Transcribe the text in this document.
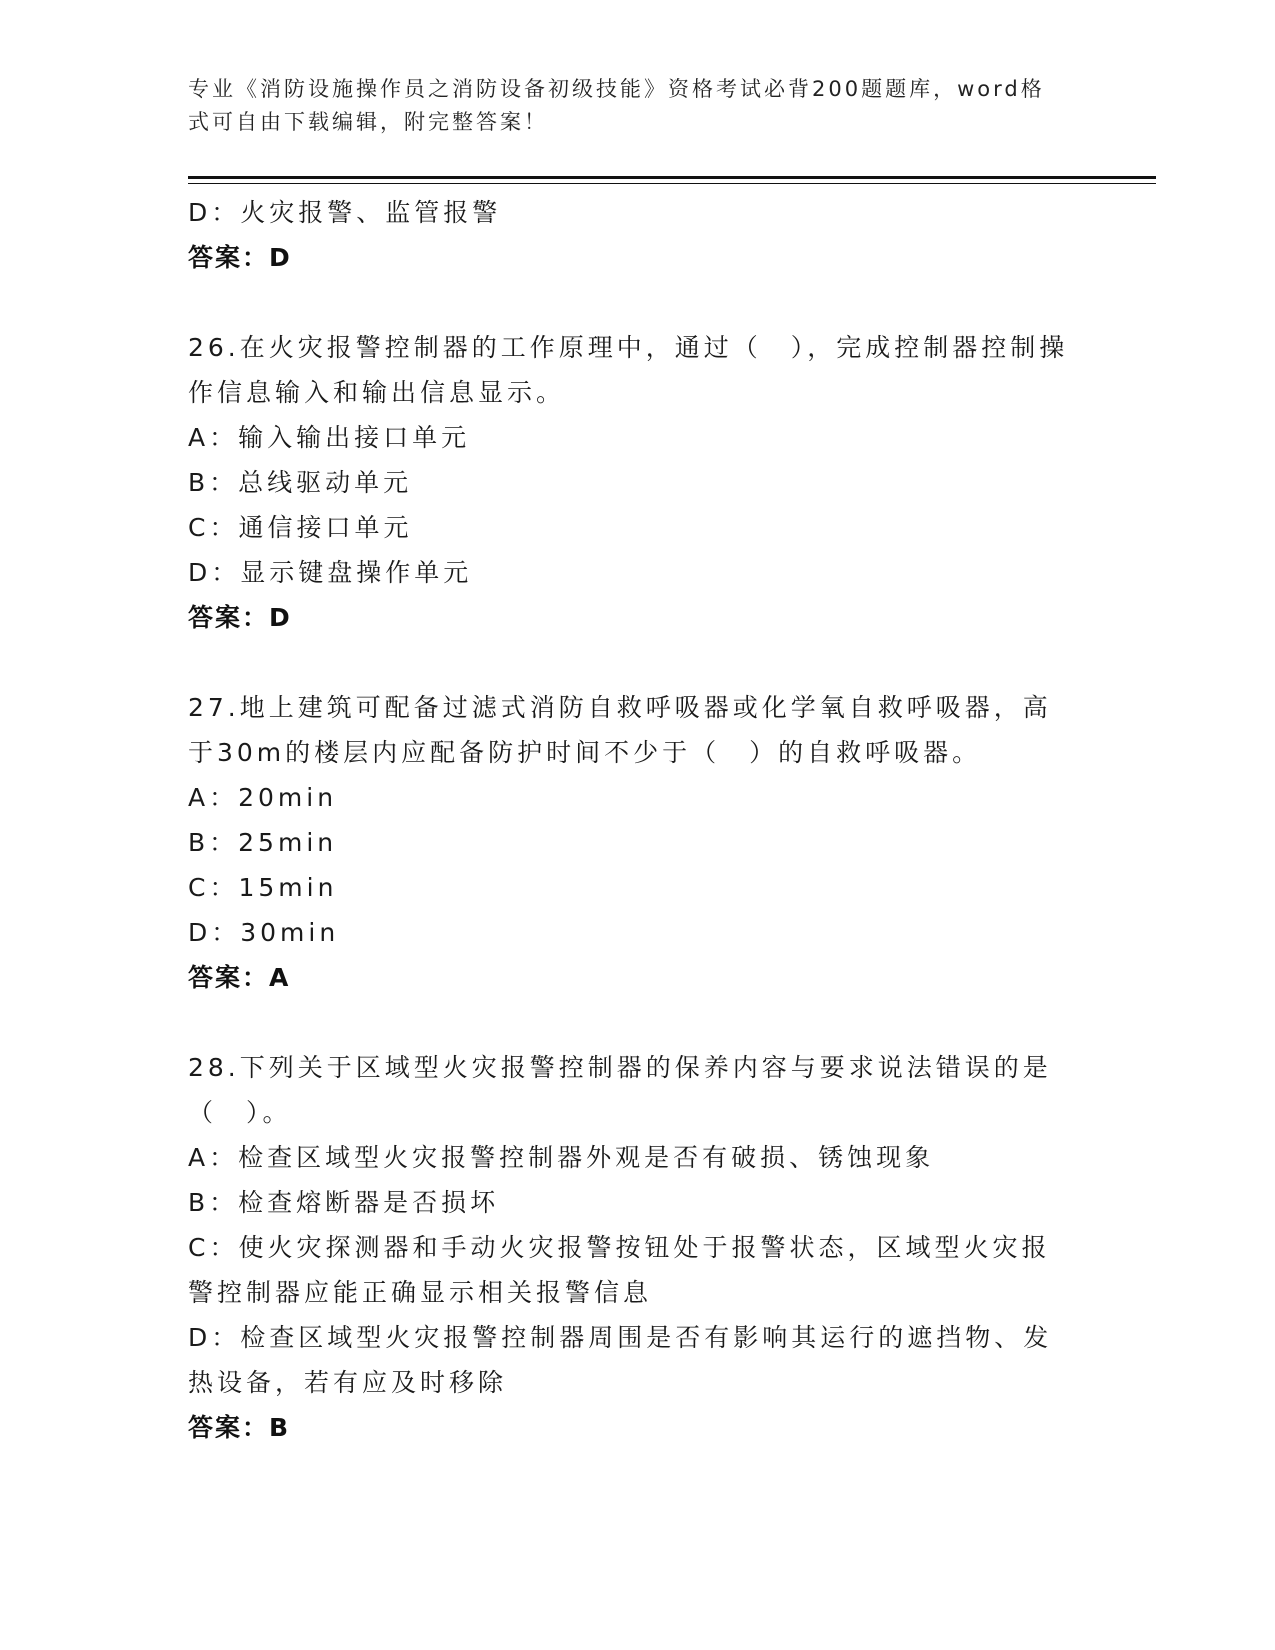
专业《消防设施操作员之消防设备初级技能》资格考试必背200题题库，word格式可自由下载编辑，附完整答案！
D：火灾报警、监管报警
答案：D
26.在火灾报警控制器的工作原理中，通过（　），完成控制器控制操作信息输入和输出信息显示。
A：输入输出接口单元
B：总线驱动单元
C：通信接口单元
D：显示键盘操作单元
答案：D
27.地上建筑可配备过滤式消防自救呼吸器或化学氧自救呼吸器，高于30m的楼层内应配备防护时间不少于（　）的自救呼吸器。
A：20min
B：25min
C：15min
D：30min
答案：A
28.下列关于区域型火灾报警控制器的保养内容与要求说法错误的是（　）。
A：检查区域型火灾报警控制器外观是否有破损、锈蚀现象
B：检查熔断器是否损坏
C：使火灾探测器和手动火灾报警按钮处于报警状态，区域型火灾报警控制器应能正确显示相关报警信息
D：检查区域型火灾报警控制器周围是否有影响其运行的遮挡物、发热设备，若有应及时移除
答案：B
